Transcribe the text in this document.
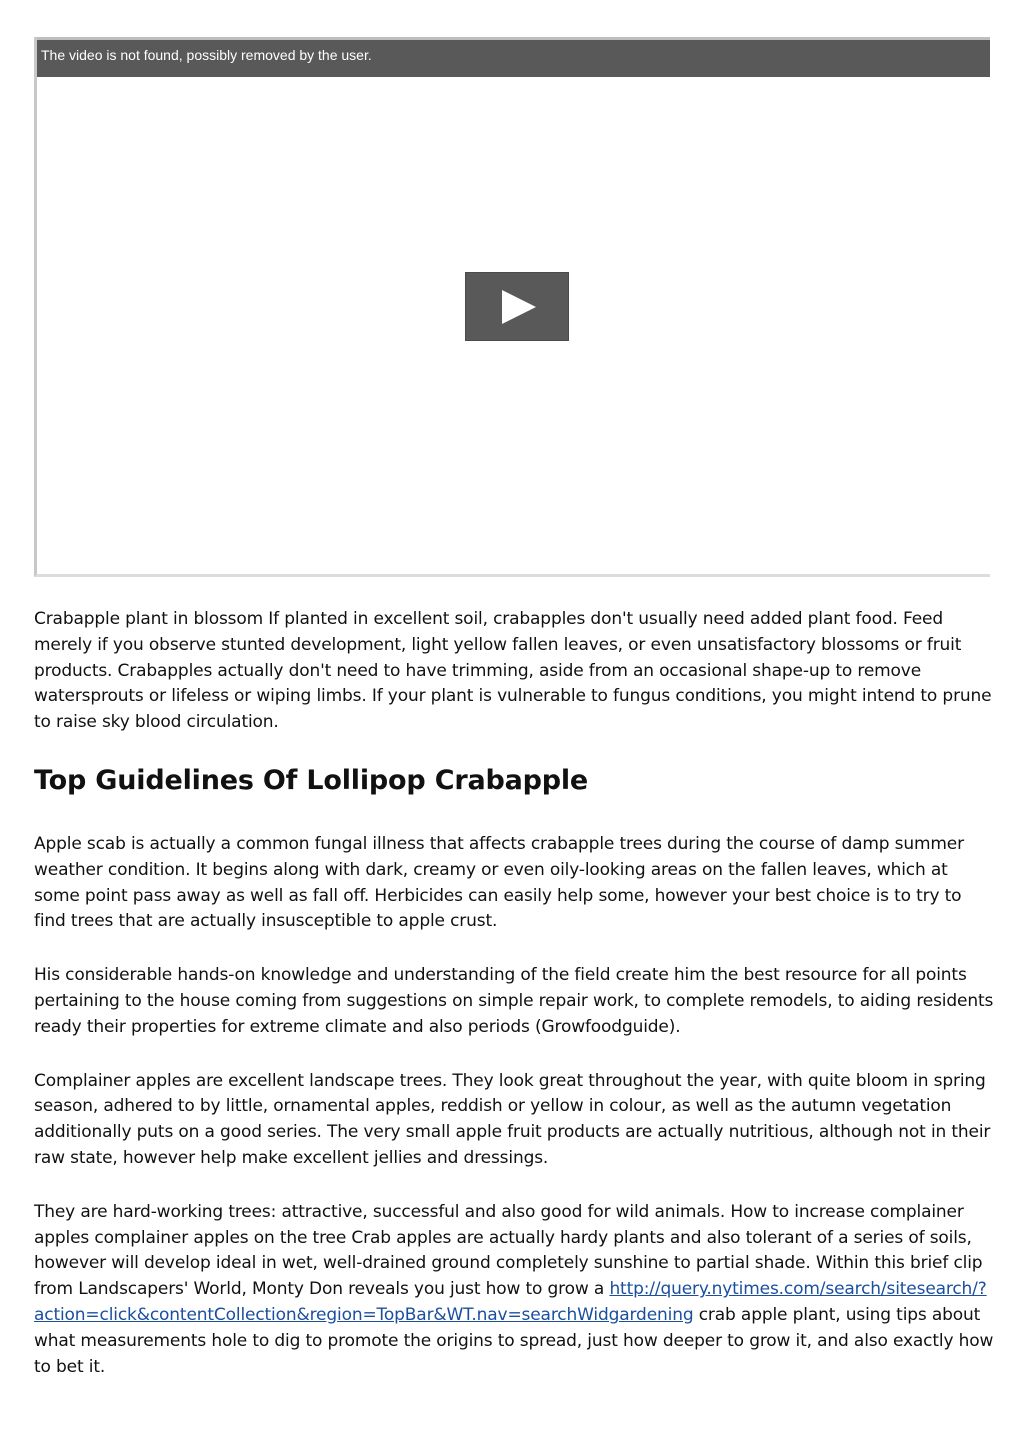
The video is not found, possibly removed by the user.

Crabapple plant in blossom If planted in excellent soil, crabapples don't usually need added plant food. Feed merely if you observe stunted development, light yellow fallen leaves, or even unsatisfactory blossoms or fruit products. Crabapples actually don't need to have trimming, aside from an occasional shape-up to remove watersprouts or lifeless or wiping limbs. If your plant is vulnerable to fungus conditions, you might intend to prune to raise sky blood circulation.

Top Guidelines Of Lollipop Crabapple

Apple scab is actually a common fungal illness that affects crabapple trees during the course of damp summer weather condition. It begins along with dark, creamy or even oily-looking areas on the fallen leaves, which at some point pass away as well as fall off. Herbicides can easily help some, however your best choice is to try to find trees that are actually insusceptible to apple crust.

His considerable hands-on knowledge and understanding of the field create him the best resource for all points pertaining to the house coming from suggestions on simple repair work, to complete remodels, to aiding residents ready their properties for extreme climate and also periods (Growfoodguide).

Complainer apples are excellent landscape trees. They look great throughout the year, with quite bloom in spring season, adhered to by little, ornamental apples, reddish or yellow in colour, as well as the autumn vegetation additionally puts on a good series. The very small apple fruit products are actually nutritious, although not in their raw state, however help make excellent jellies and dressings.

They are hard-working trees: attractive, successful and also good for wild animals. How to increase complainer apples complainer apples on the tree Crab apples are actually hardy plants and also tolerant of a series of soils, however will develop ideal in wet, well-drained ground completely sunshine to partial shade. Within this brief clip from Landscapers' World, Monty Don reveals you just how to grow a http://query.nytimes.com/search/sitesearch/?action=click&contentCollection&region=TopBar&WT.nav=searchWidgardening crab apple plant, using tips about what measurements hole to dig to promote the origins to spread, just how deeper to grow it, and also exactly how to bet it.
